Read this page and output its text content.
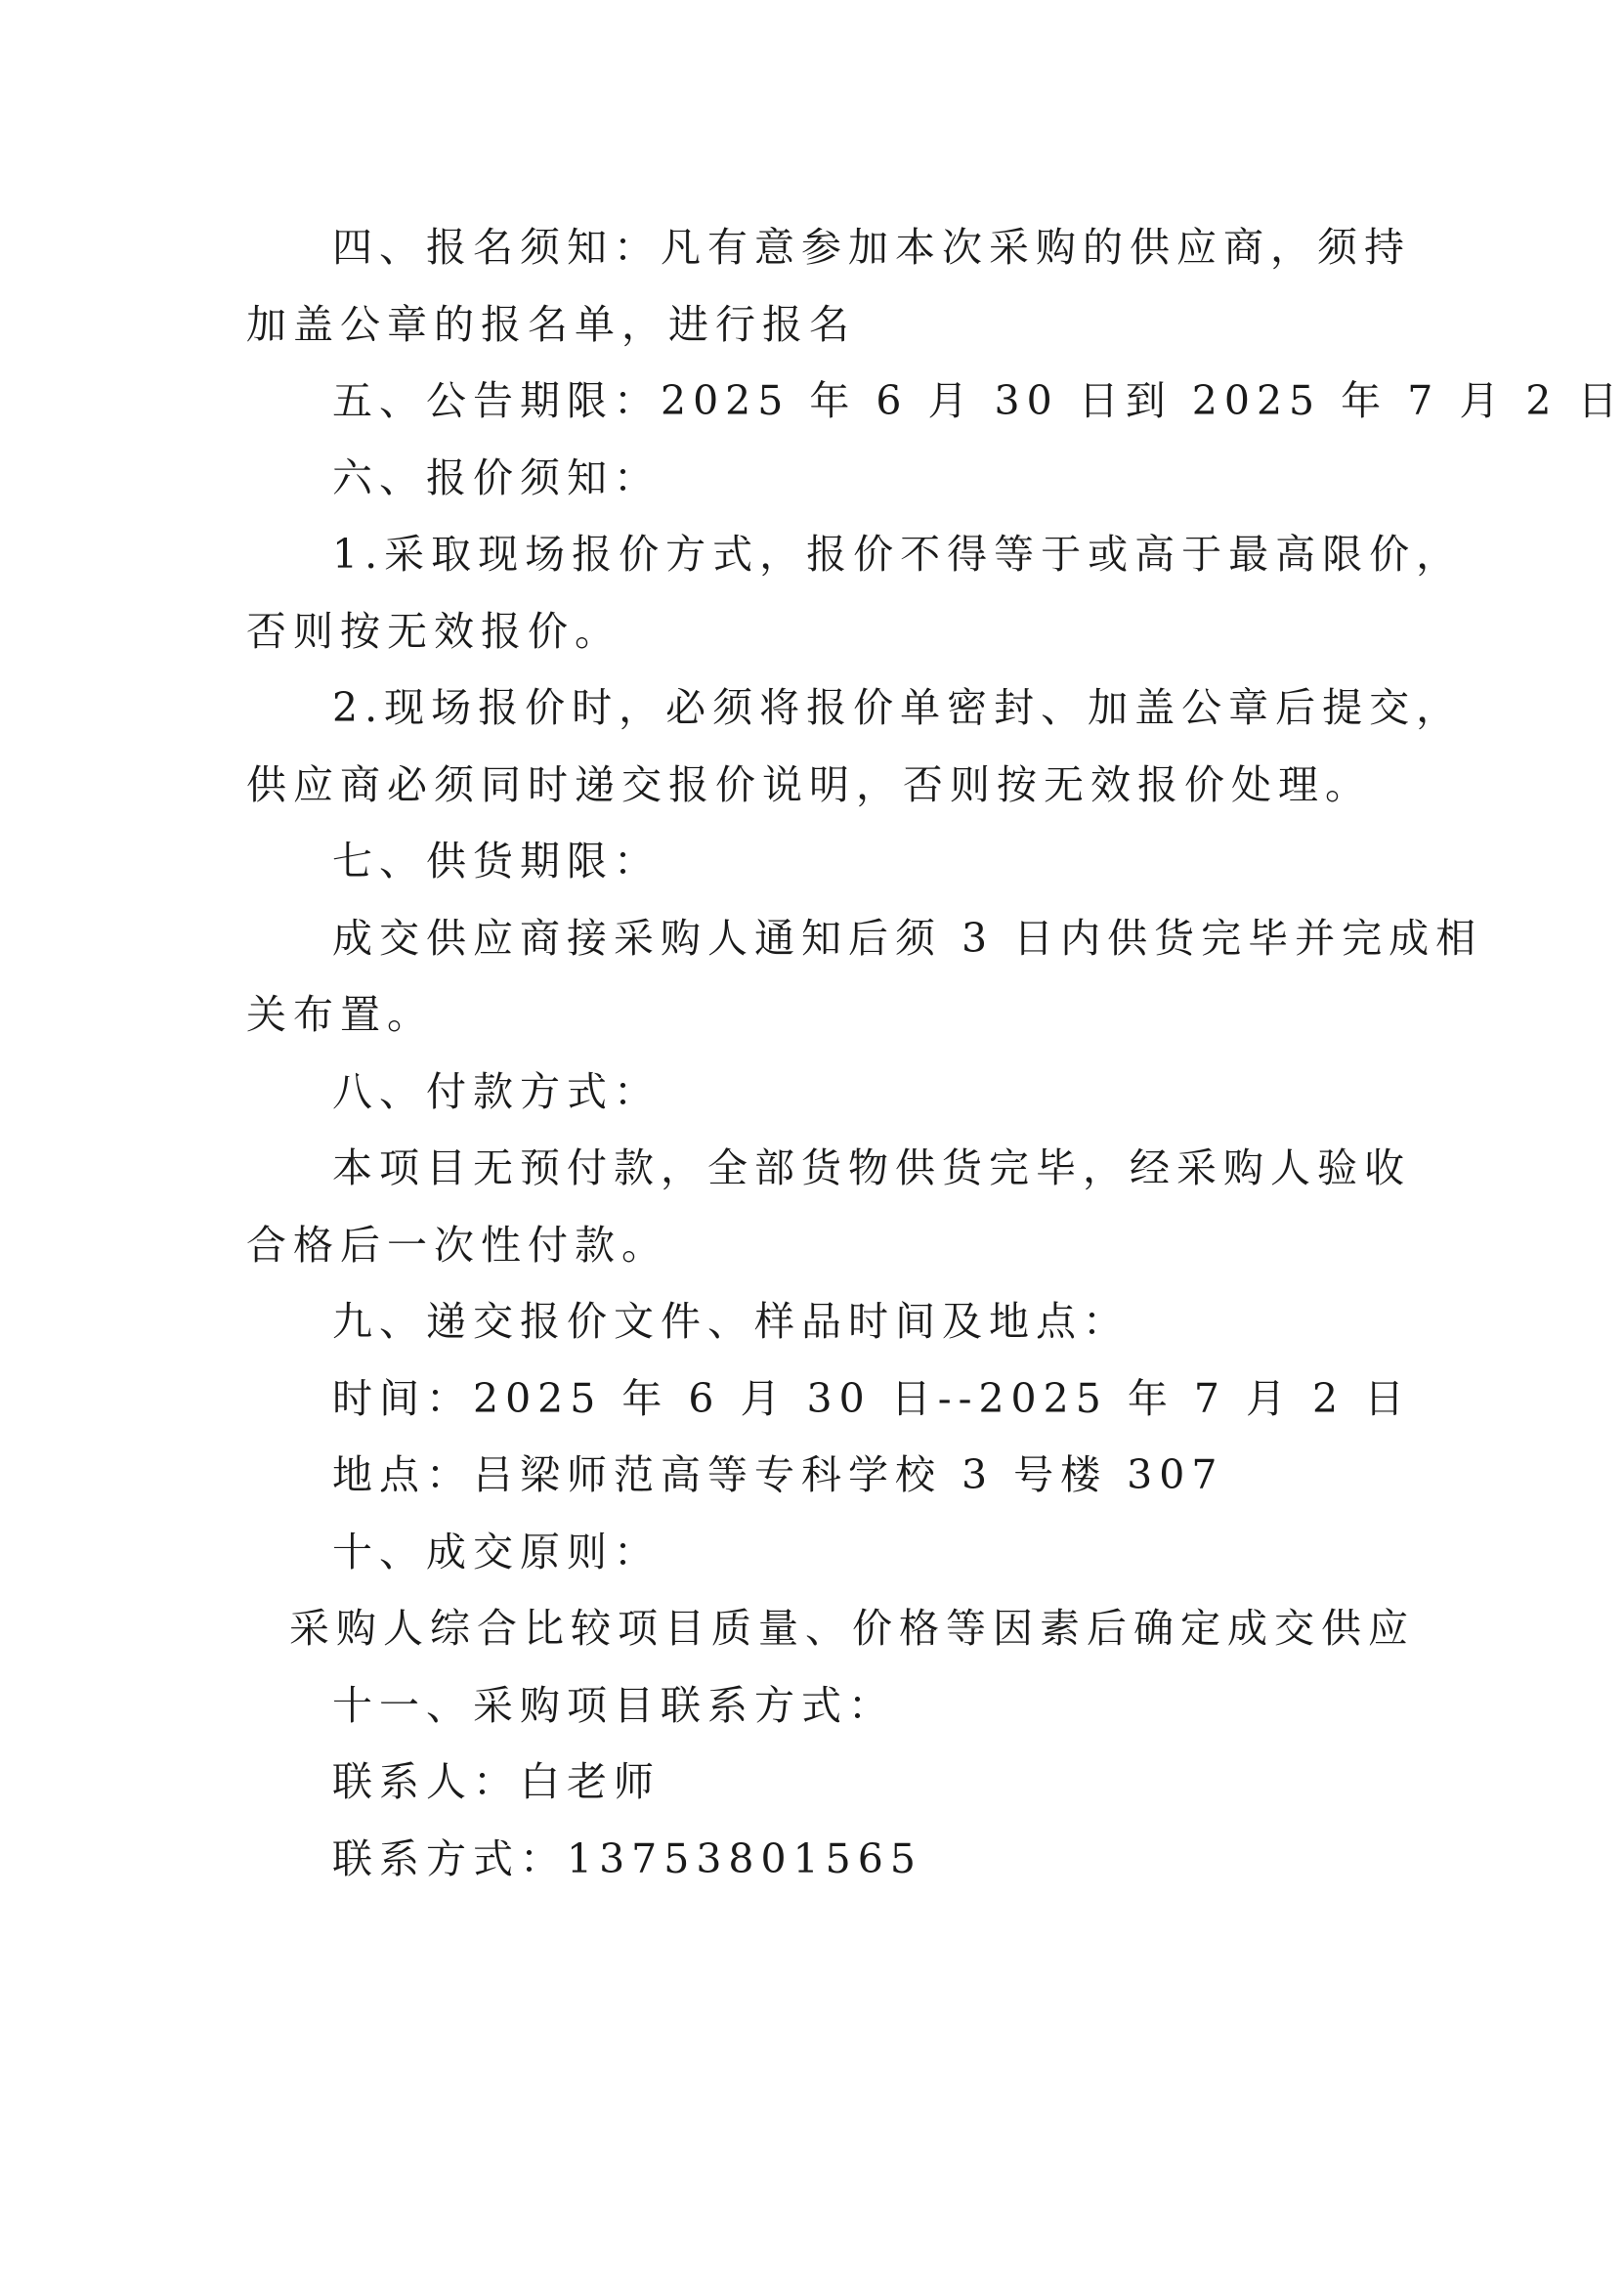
四、报名须知：凡有意参加本次采购的供应商，须持
加盖公章的报名单，进行报名
五、公告期限：2025 年 6 月 30 日到 2025 年 7 月 2 日
六、报价须知：
1.采取现场报价方式，报价不得等于或高于最高限价，
否则按无效报价。
2.现场报价时，必须将报价单密封、加盖公章后提交，
供应商必须同时递交报价说明，否则按无效报价处理。
七、供货期限：
成交供应商接采购人通知后须 3 日内供货完毕并完成相
关布置。
八、付款方式：
本项目无预付款，全部货物供货完毕，经采购人验收
合格后一次性付款。
九、递交报价文件、样品时间及地点：
时间：2025 年 6 月 30 日--2025 年 7 月 2 日
地点：吕梁师范高等专科学校 3 号楼 307
十、成交原则：
采购人综合比较项目质量、价格等因素后确定成交供应
十一、采购项目联系方式：
联系人：白老师
联系方式：13753801565
